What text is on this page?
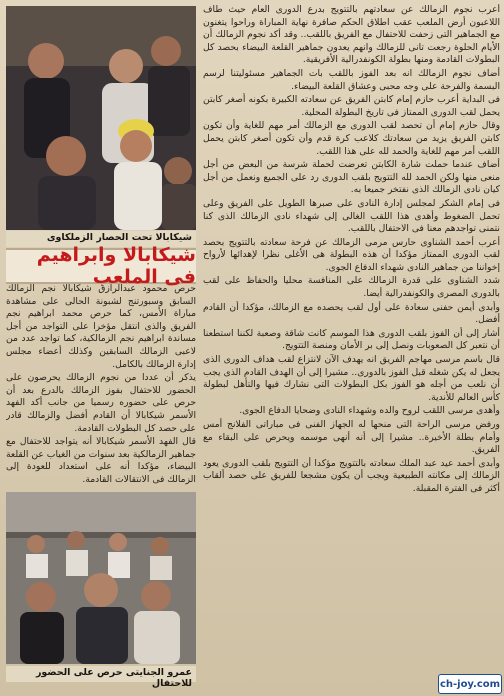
شيكابالا تحت الحصار الزملكاوى
شيكابالا وابراهيم فى الملعب

حرص محمود عبدالرازق شيكابالا نجم الزمالك السابق وسبورتنج لشبونة الحالى على مشاهدة مباراة الأمس، كما حرص محمد ابراهيم نجم الفريق والذى انتقل مؤخرا على التواجد من أجل مساندة ابراهيم نجم الزمالكية، كما تواجد عدد من لاعبى الزمالك السابقين وكذلك أعضاء مجلس إدارة الزمالك بالكامل.

يذكر أن عددا من نجوم الزمالك يحرصون على الحضور للاحتفال بفوز الزمالك بالدرع بعد أن حرص على حضوره رسميا من جانب أكد الفهد الأسمر شيكابالا أن القادم أفضل والزمالك قادر على حصد كل البطولات القادمة.

قال الفهد الأسمر شيكابالا أنه يتواجد للاحتفال مع جماهير الزمالكية بعد سنوات من الغياب عن القلعة البيضاء، مؤكدا أنه على استعداد للعودة إلى الزمالك فى الانتقالات القادمة.

عمرو الجنايتى حرص على الحضور للاحتفال

أعرب نجوم الزمالك عن سعادتهم بالتتويج بدرع الدورى العام حيث طاف اللاعبون أرض الملعب عقب اطلاق الحكم صافرة نهاية المباراة وراحوا يتغنون مع الجماهير التى زحفت للاحتفال مع الفريق باللقب.. وقد أكد نجوم الزمالك أن الأيام الحلوة رجعت تانى للزمالك وانهم يعدون جماهير القلعة البيضاء بحصد كل البطولات القادمة ومنها بطولة الكونفدرالية الأفريقية.

أضاف نجوم الزمالك انه بعد الفوز باللقب بات الجماهير مسئوليتنا لرسم البسمة والفرحة على وجه محبى وعشاق القلعة البيضاء.

فى البداية أعرب حازم إمام كابتن الفريق عن سعادته الكبيرة بكونه أصغر كابتن يحمل لقب الدورى الممتاز فى تاريخ البطولة المحلية.

وقال حازم إمام أن تحصد لقب الدورى مع الزمالك أمر مهم للغاية وأن تكون كابتن الفريق يزيد من سعادتك كلاعب كرة قدم وأن تكون أصغر كابتن يحمل اللقب أمر مهم للغاية والحمد لله على هذا اللقب.

أضاف عندما حملت شارة الكابتن تعرضت لحملة شرسة من البعض من أجل منعى منها ولكن الحمد لله التتويج بلقب الدورى رد على الجميع ونعمل من أجل كيان نادى الزمالك الذى نفتخر جميعا به.

فى إمام الشكر لمجلس إدارة النادى على صبرها الطويل على الفريق وعلى تحمل الضغوط وأهدى هذا اللقب الغالى إلى شهداء نادى الزمالك الذى كنا نتمنى تواجدهم معنا فى الاحتفال باللقب.

أعرب أحمد الشناوى حارس مرمى الزمالك عن فرحة سعادته بالتتويج بحصد لقب الدورى الممتاز مؤكدا أن هذه البطولة هى الأغلى نظرا لإهدائها لأرواح إخواننا من جماهير النادى شهداء الدفاع الجوى.

شدد الشناوى على قدرة الزمالك على المنافسة محليا والحفاظ على لقب بالدورى المصرى والكونفدرالية أيضا.

وأبدى أيمن حفنى سعادة على أول لقب يحصده مع الزمالك، مؤكدا أن القادم أفضل.

أشار إلى أن الفوز بلقب الدورى هذا الموسم كانت شاقة وصعبة لكننا استطعنا أن نتعبر كل الصعوبات ونصل إلى بر الأمان ومنصة التتويج.

قال باسم مرسى مهاجم الفريق انه يهدف الآن لانتزاع لقب هداف الدورى الذى يجعل له يكن شغله قبل الفوز بالدورى.. مشيرا إلى أن الهدف القادم الذى يجب أن نلعب من أجله هو الفوز بكل البطولات التى نشارك فيها والتأهل لبطولة كأس العالم للأندية.

وأهدى مرسى اللقب لروح والده وشهداء النادى وضحايا الدفاع الجوى.

ورفض مرسى الراحة التى منحها له الجهاز الفنى فى مباراتى الفلانج أمس وأمام بطلة الأخيرة.. مشيرا إلى أنه أنهى موسمه ويحرص على البقاء مع الفريق.

وأبدى أحمد عيد عبد الملك سعادته بالتتويج مؤكدا أن التتويج بلقب الدورى يعود الزمالك إلى مكانته الطبيعية ويجب أن يكون مشجعا للفريق على حصد ألقاب أكثر فى الفترة المقبلة.

ch-joy.com
